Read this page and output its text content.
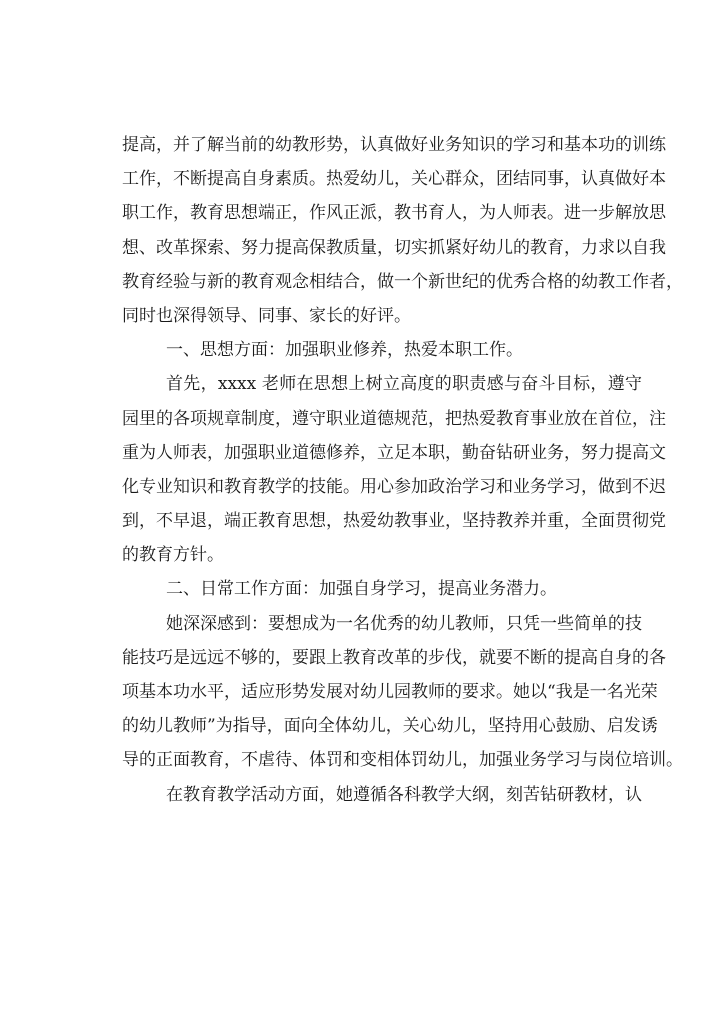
提高，并了解当前的幼教形势，认真做好业务知识的学习和基本功的训练
工作，不断提高自身素质。热爱幼儿，关心群众，团结同事，认真做好本
职工作，教育思想端正，作风正派，教书育人，为人师表。进一步解放思
想、改革探索、努力提高保教质量，切实抓紧好幼儿的教育，力求以自我
教育经验与新的教育观念相结合，做一个新世纪的优秀合格的幼教工作者，
同时也深得领导、同事、家长的好评。
一、思想方面：加强职业修养，热爱本职工作。
首先，xxxx 老师在思想上树立高度的职责感与奋斗目标，遵守
园里的各项规章制度，遵守职业道德规范，把热爱教育事业放在首位，注
重为人师表，加强职业道德修养，立足本职，勤奋钻研业务，努力提高文
化专业知识和教育教学的技能。用心参加政治学习和业务学习，做到不迟
到，不早退，端正教育思想，热爱幼教事业，坚持教养并重，全面贯彻党
的教育方针。
二、日常工作方面：加强自身学习，提高业务潜力。
她深深感到：要想成为一名优秀的幼儿教师，只凭一些简单的技
能技巧是远远不够的，要跟上教育改革的步伐，就要不断的提高自身的各
项基本功水平，适应形势发展对幼儿园教师的要求。她以“我是一名光荣
的幼儿教师”为指导，面向全体幼儿，关心幼儿，坚持用心鼓励、启发诱
导的正面教育，不虐待、体罚和变相体罚幼儿，加强业务学习与岗位培训。
在教育教学活动方面，她遵循各科教学大纲，刻苦钻研教材，认
